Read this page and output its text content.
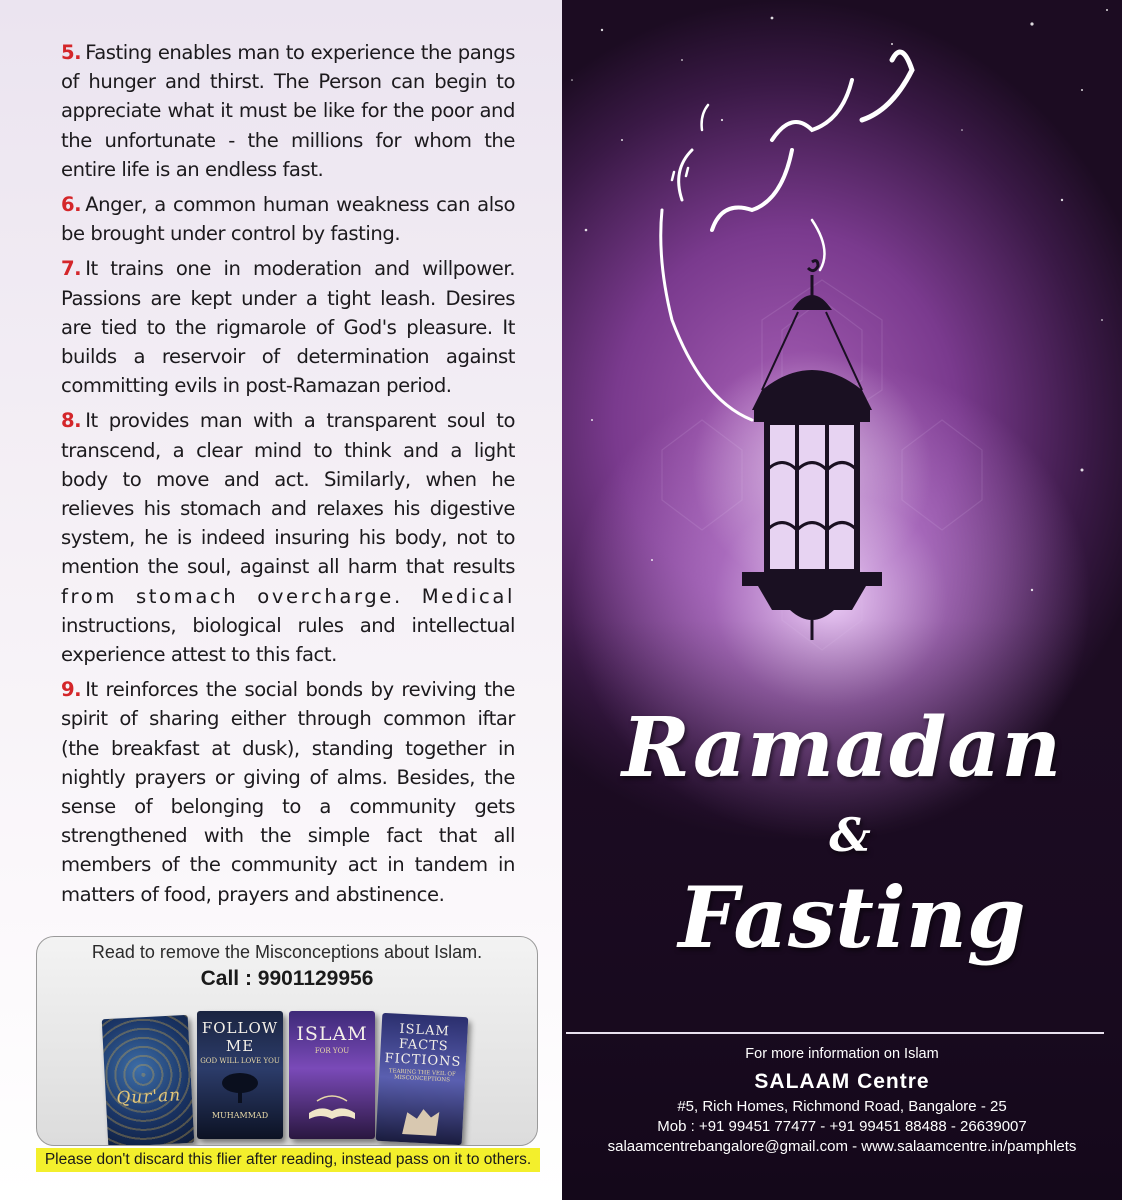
5. Fasting enables man to experience the pangs of hunger and thirst. The Person can begin to appreciate what it must be like for the poor and the unfortunate - the millions for whom the entire life is an endless fast.

6. Anger, a common human weakness can also be brought under control by fasting.

7. It trains one in moderation and willpower. Passions are kept under a tight leash. Desires are tied to the rigmarole of God's pleasure. It builds a reservoir of determination against committing evils in post-Ramazan period.

8. It provides man with a transparent soul to transcend, a clear mind to think and a light body to move and act. Similarly, when he relieves his stomach and relaxes his digestive system, he is indeed insuring his body, not to mention the soul, against all harm that results from stomach overcharge. Medical instructions, biological rules and intellectual experience attest to this fact.

9. It reinforces the social bonds by reviving the spirit of sharing either through common iftar (the breakfast at dusk), standing together in nightly prayers or giving of alms. Besides, the sense of belonging to a community gets strengthened with the simple fact that all members of the community act in tandem in matters of food, prayers and abstinence.

Read to remove the Misconceptions about Islam.
Call : 9901129956
Qur'an
FOLLOW ME
GOD WILL LOVE YOU
MUHAMMAD
ISLAM
FOR YOU
ISLAM FACTS FICTIONS
TEARING THE VEIL OF MISCONCEPTIONS
Please don't discard this flier after reading, instead pass on it to others.
Ramadan
&
Fasting
For more information on Islam
SALAAM Centre
#5, Rich Homes, Richmond Road, Bangalore - 25
Mob : +91 99451 77477 - +91 99451 88488 - 26639007
salaamcentrebangalore@gmail.com - www.salaamcentre.in/pamphlets
